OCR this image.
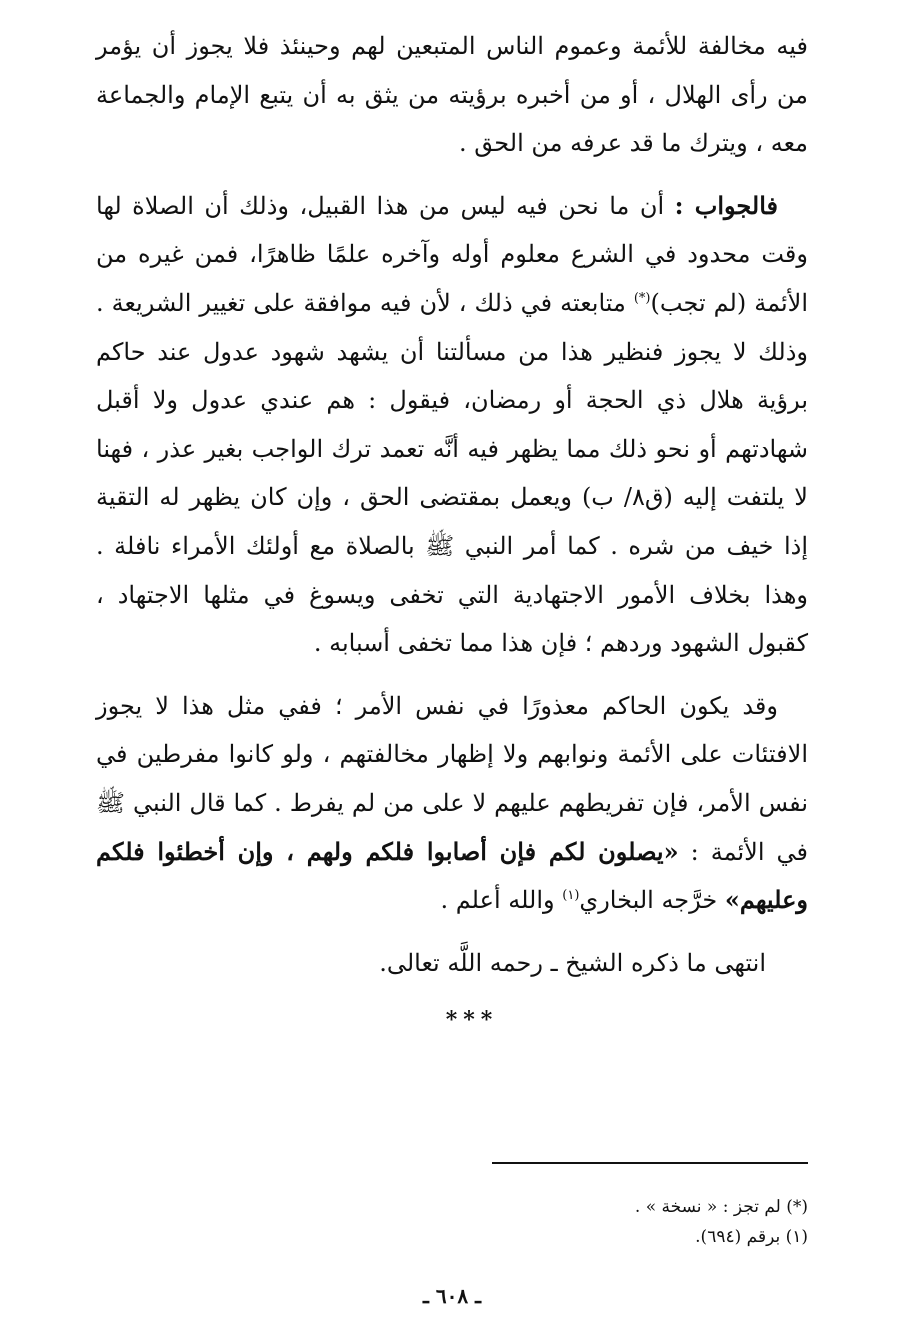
فيه مخالفة للأئمة وعموم الناس المتبعين لهم وحينئذ فلا يجوز أن يؤمر من رأى الهلال ، أو من أخبره برؤيته من يثق به أن يتبع الإمام والجماعة معه ، ويترك ما قد عرفه من الحق .

فالجواب : أن ما نحن فيه ليس من هذا القبيل، وذلك أن الصلاة لها وقت محدود في الشرع معلوم أوله وآخره علمًا ظاهرًا، فمن غيره من الأئمة (لم تجب)(*) متابعته في ذلك ، لأن فيه موافقة على تغيير الشريعة . وذلك لا يجوز فنظير هذا من مسألتنا أن يشهد شهود عدول عند حاكم برؤية هلال ذي الحجة أو رمضان، فيقول : هم عندي عدول ولا أقبل شهادتهم أو نحو ذلك مما يظهر فيه أنَّه تعمد ترك الواجب بغير عذر ، فهنا لا يلتفت إليه (ق٨/ ب) ويعمل بمقتضى الحق ، وإن كان يظهر له التقية إذا خيف من شره . كما أمر النبي ﷺ بالصلاة مع أولئك الأمراء نافلة . وهذا بخلاف الأمور الاجتهادية التي تخفى ويسوغ في مثلها الاجتهاد ، كقبول الشهود وردهم ؛ فإن هذا مما تخفى أسبابه .

وقد يكون الحاكم معذورًا في نفس الأمر ؛ ففي مثل هذا لا يجوز الافتئات على الأئمة ونوابهم ولا إظهار مخالفتهم ، ولو كانوا مفرطين في نفس الأمر، فإن تفريطهم عليهم لا على من لم يفرط . كما قال النبي ﷺ في الأئمة : «يصلون لكم فإن أصابوا فلكم ولهم ، وإن أخطئوا فلكم وعليهم» خرَّجه البخاري$^{(١)}$ والله أعلم .

انتهى ما ذكره الشيخ ـ رحمه اللَّه تعالى.

***
(*) لم تجز : « نسخة » .
(١) برقم (٦٩٤).
ـ ٦٠٨ ـ
